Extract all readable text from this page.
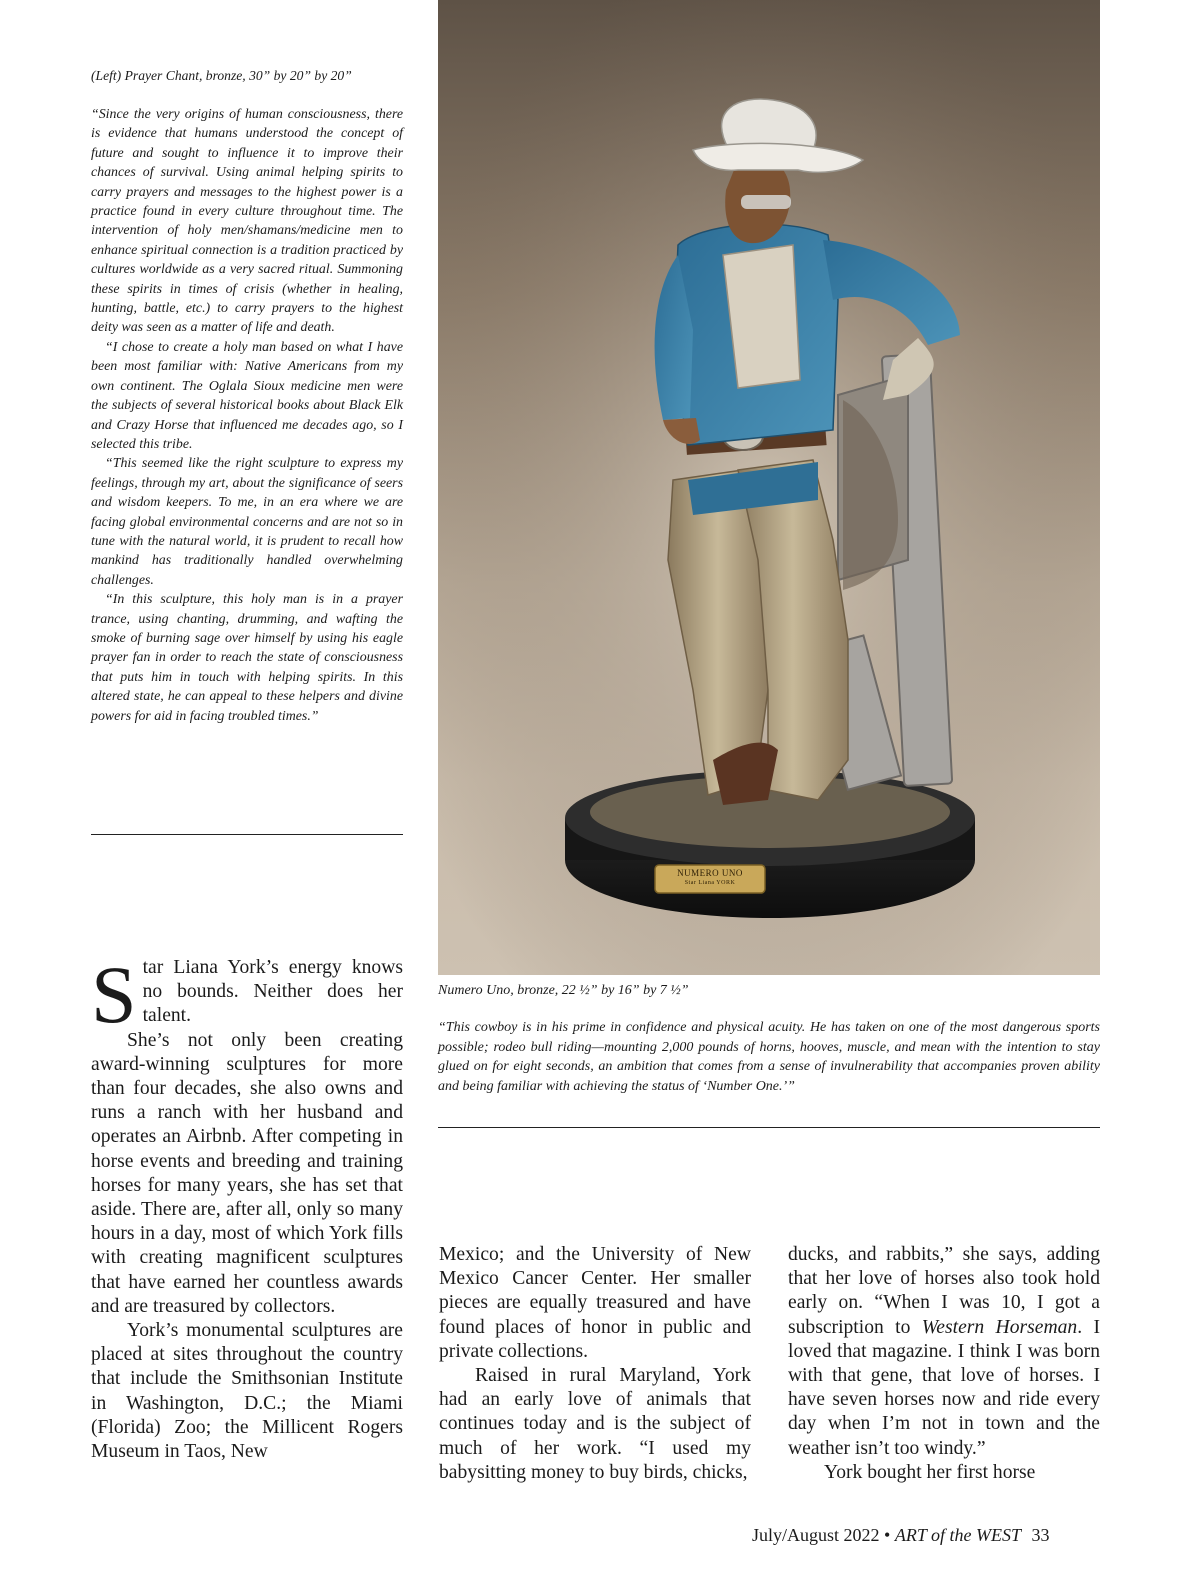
(Left) Prayer Chant, bronze, 30” by 20” by 20”

“Since the very origins of human consciousness, there is evidence that humans understood the concept of future and sought to influence it to improve their chances of survival. Using animal helping spirits to carry prayers and messages to the highest power is a practice found in every culture throughout time. The intervention of holy men/shamans/medicine men to enhance spiritual connection is a tradition practiced by cultures worldwide as a very sacred ritual. Summoning these spirits in times of crisis (whether in healing, hunting, battle, etc.) to carry prayers to the highest deity was seen as a matter of life and death.

“I chose to create a holy man based on what I have been most familiar with: Native Americans from my own continent. The Oglala Sioux medicine men were the subjects of several historical books about Black Elk and Crazy Horse that influenced me decades ago, so I selected this tribe.

“This seemed like the right sculpture to express my feelings, through my art, about the significance of seers and wisdom keepers. To me, in an era where we are facing global environmental concerns and are not so in tune with the natural world, it is prudent to recall how mankind has traditionally handled overwhelming challenges.

“In this sculpture, this holy man is in a prayer trance, using chanting, drumming, and wafting the smoke of burning sage over himself by using his eagle prayer fan in order to reach the state of consciousness that puts him in touch with helping spirits. In this altered state, he can appeal to these helpers and divine powers for aid in facing troubled times.”

NUMERO UNO
Star Liana YORK
Numero Uno, bronze, 22 ½” by 16” by 7 ½”

“This cowboy is in his prime in confidence and physical acuity. He has taken on one of the most dangerous sports possible; rodeo bull riding—mounting 2,000 pounds of horns, hooves, muscle, and mean with the intention to stay glued on for eight seconds, an ambition that comes from a sense of invulnerability that accompanies proven ability and being familiar with achieving the status of ‘Number One.’”

Star Liana York’s energy knows no bounds. Neither does her talent.

She’s not only been creating award-winning sculptures for more than four decades, she also owns and runs a ranch with her husband and operates an Airbnb. After competing in horse events and breeding and training horses for many years, she has set that aside. There are, after all, only so many hours in a day, most of which York fills with creating magnificent sculptures that have earned her countless awards and are treasured by collectors.

York’s monumental sculptures are placed at sites throughout the country that include the Smithsonian Institute in Washington, D.C.; the Miami (Florida) Zoo; the Millicent Rogers Museum in Taos, New

Mexico; and the University of New Mexico Cancer Center. Her smaller pieces are equally treasured and have found places of honor in public and private collections.

Raised in rural Maryland, York had an early love of animals that continues today and is the subject of much of her work. “I used my babysitting money to buy birds, chicks,

ducks, and rabbits,” she says, adding that her love of horses also took hold early on. “When I was 10, I got a subscription to Western Horseman. I loved that magazine. I think I was born with that gene, that love of horses. I have seven horses now and ride every day when I’m not in town and the weather isn’t too windy.”

York bought her first horse

July/August 2022 • ART of the WEST 33
